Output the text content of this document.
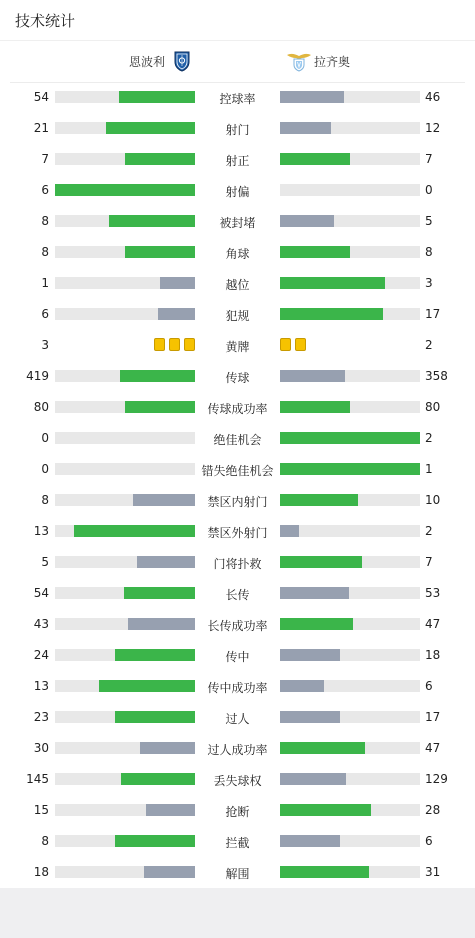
技术统计
恩波利	拉齐奥
54	控球率	46
21	射门	12
7	射正	7
6	射偏	0
8	被封堵	5
8	角球	8
1	越位	3
6	犯规	17
3	黄牌	2
419	传球	358
80	传球成功率	80
0	绝佳机会	2
0	错失绝佳机会	1
8	禁区内射门	10
13	禁区外射门	2
5	门将扑救	7
54	长传	53
43	长传成功率	47
24	传中	18
13	传中成功率	6
23	过人	17
30	过人成功率	47
145	丢失球权	129
15	抢断	28
8	拦截	6
18	解围	31
